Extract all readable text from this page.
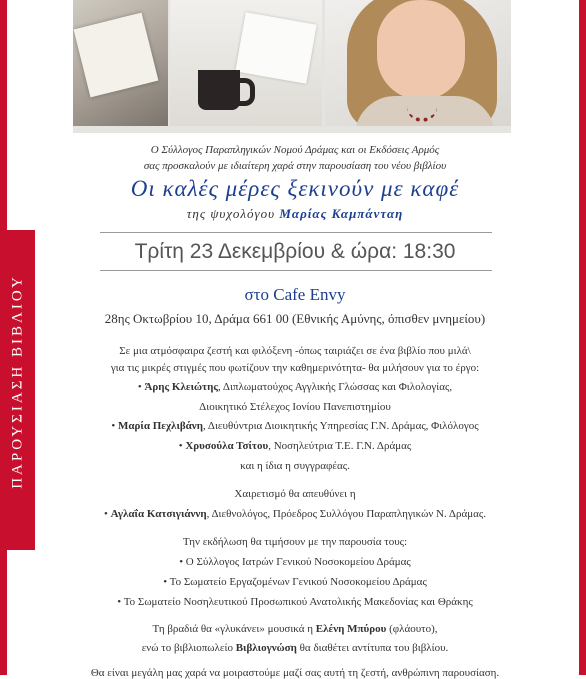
ΠΑΡΟΥΣΙΑΣΗ ΒΙΒΛΙΟΥ
Ο Σύλλογος Παραπληγικών Νομού Δράμας και οι Εκδόσεις Αρμός
σας προσκαλούν με ιδιαίτερη χαρά στην παρουσίαση του νέου βιβλίου
Οι καλές μέρες ξεκινούν με καφέ
της ψυχολόγου Μαρίας Καμπάνταη
Τρίτη 23 Δεκεμβρίου & ώρα: 18:30
στο Cafe Envy
28ης Οκτωβρίου 10, Δράμα 661 00 (Εθνικής Αμύνης, όπισθεν μνημείου)
Σε μια ατμόσφαιρα ζεστή και φιλόξενη -όπως ταιριάζει σε ένα βιβλίο που μιλά\
για τις μικρές στιγμές που φωτίζουν την καθημερινότητα- θα μιλήσουν για το έργο:
• Άρης Κλειώτης, Διπλωματούχος Αγγλικής Γλώσσας και Φιλολογίας,
Διοικητικό Στέλεχος Ιονίου Πανεπιστημίου
• Μαρία Πεχλιβάνη, Διευθύντρια Διοικητικής Υπηρεσίας Γ.Ν. Δράμας, Φιλόλογος
• Χρυσούλα Τσίτου, Νοσηλεύτρια Τ.Ε. Γ.Ν. Δράμας
και η ίδια η συγγραφέας.
Χαιρετισμό θα απευθύνει η
• Αγλαΐα Κατσιγιάννη, Διεθνολόγος, Πρόεδρος Συλλόγου Παραπληγικών Ν. Δράμας.
Την εκδήλωση θα τιμήσουν με την παρουσία τους:
• Ο Σύλλογος Ιατρών Γενικού Νοσοκομείου Δράμας
• Το Σωματείο Εργαζομένων Γενικού Νοσοκομείου Δράμας
• Το Σωματείο Νοσηλευτικού Προσωπικού Ανατολικής Μακεδονίας και Θράκης
Τη βραδιά θα «γλυκάνει» μουσικά η Ελένη Μπύρου (φλάουτο),
ενώ το βιβλιοπωλείο Βιβλιογνώση θα διαθέτει αντίτυπα του βιβλίου.
Θα είναι μεγάλη μας χαρά να μοιραστούμε μαζί σας αυτή τη ζεστή, ανθρώπινη παρουσίαση.
